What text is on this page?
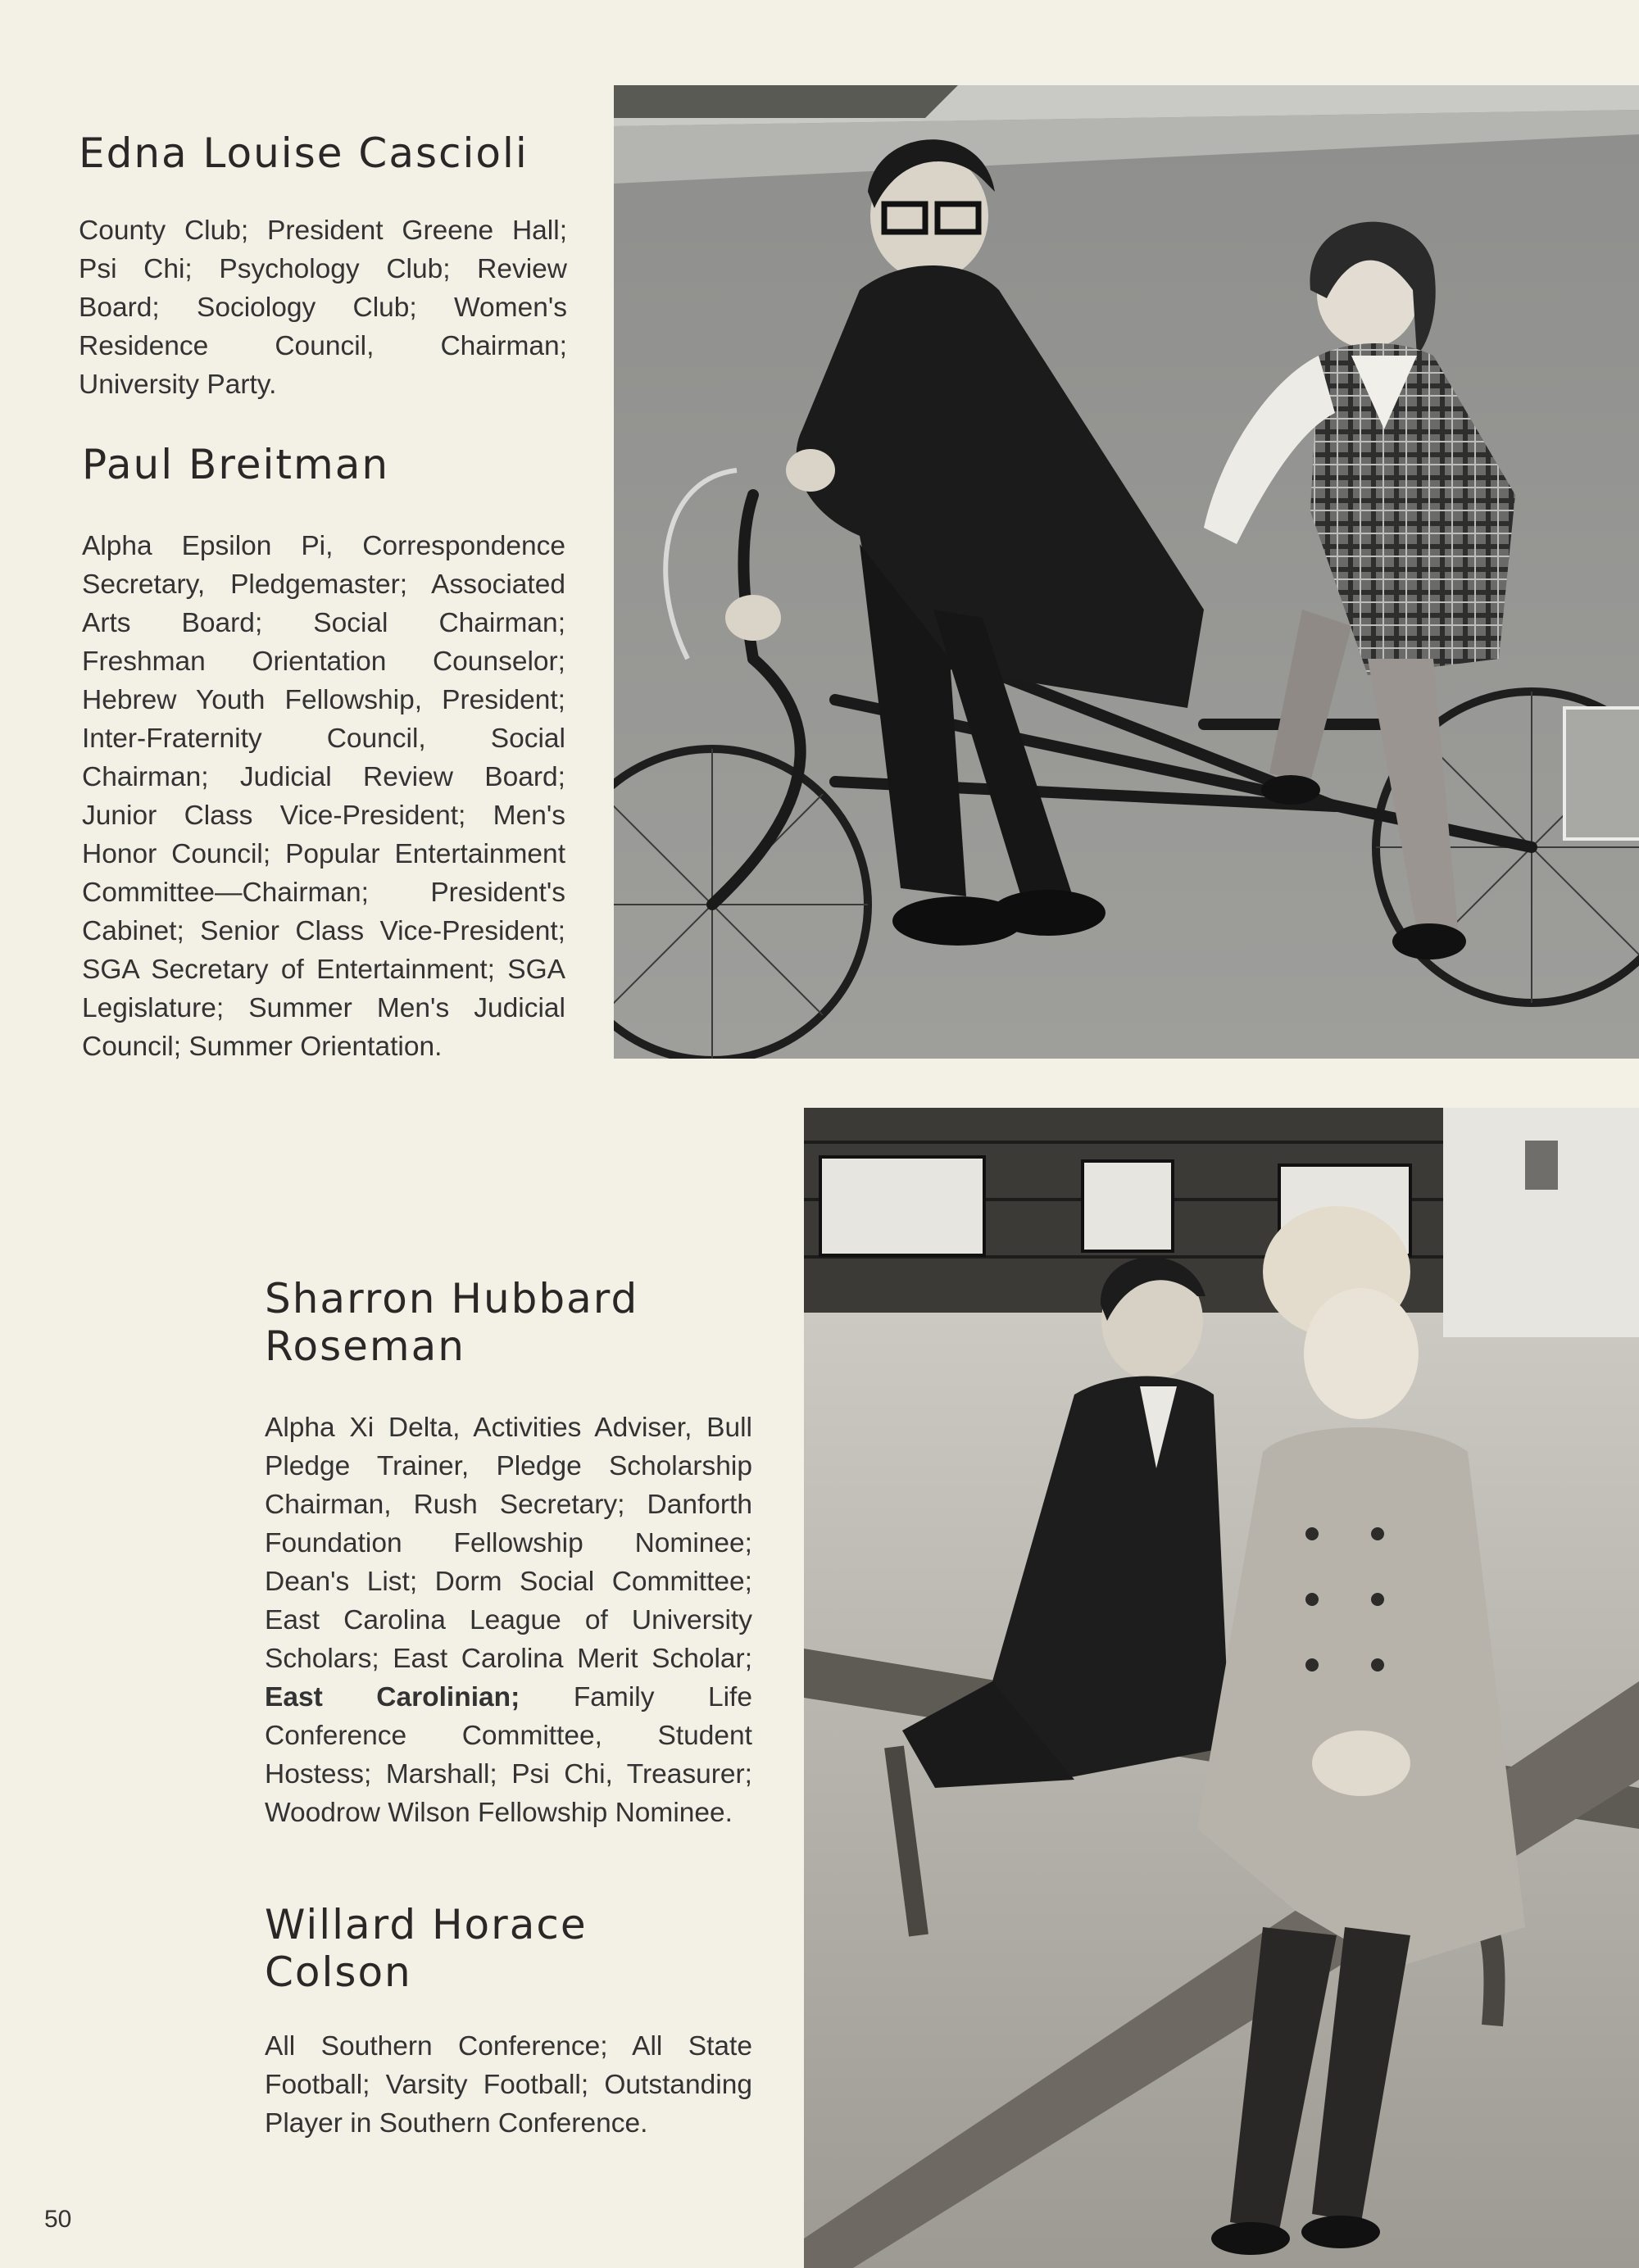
Edna Louise Cascioli

County Club; President Greene Hall; Psi Chi; Psychology Club; Review Board; Sociology Club; Women's Residence Council, Chairman; University Party.

Paul Breitman

Alpha Epsilon Pi, Correspondence Secretary, Pledgemaster; Associated Arts Board; Social Chairman; Freshman Orientation Counselor; Hebrew Youth Fellowship, President; Inter-Fraternity Council, Social Chairman; Judicial Review Board; Junior Class Vice-President; Men's Honor Council; Popular Entertainment Committee—Chairman; President's Cabinet; Senior Class Vice-President; SGA Secretary of Entertainment; SGA Legislature; Summer Men's Judicial Council; Summer Orientation.

Sharron Hubbard
Roseman

Alpha Xi Delta, Activities Adviser, Bull Pledge Trainer, Pledge Scholarship Chairman, Rush Secretary; Danforth Foundation Fellowship Nominee; Dean's List; Dorm Social Committee; East Carolina League of University Scholars; East Carolina Merit Scholar; East Carolinian; Family Life Conference Committee, Student Hostess; Marshall; Psi Chi, Treasurer; Woodrow Wilson Fellowship Nominee.

Willard Horace
Colson

All Southern Conference; All State Football; Varsity Football; Outstanding Player in Southern Conference.

50
